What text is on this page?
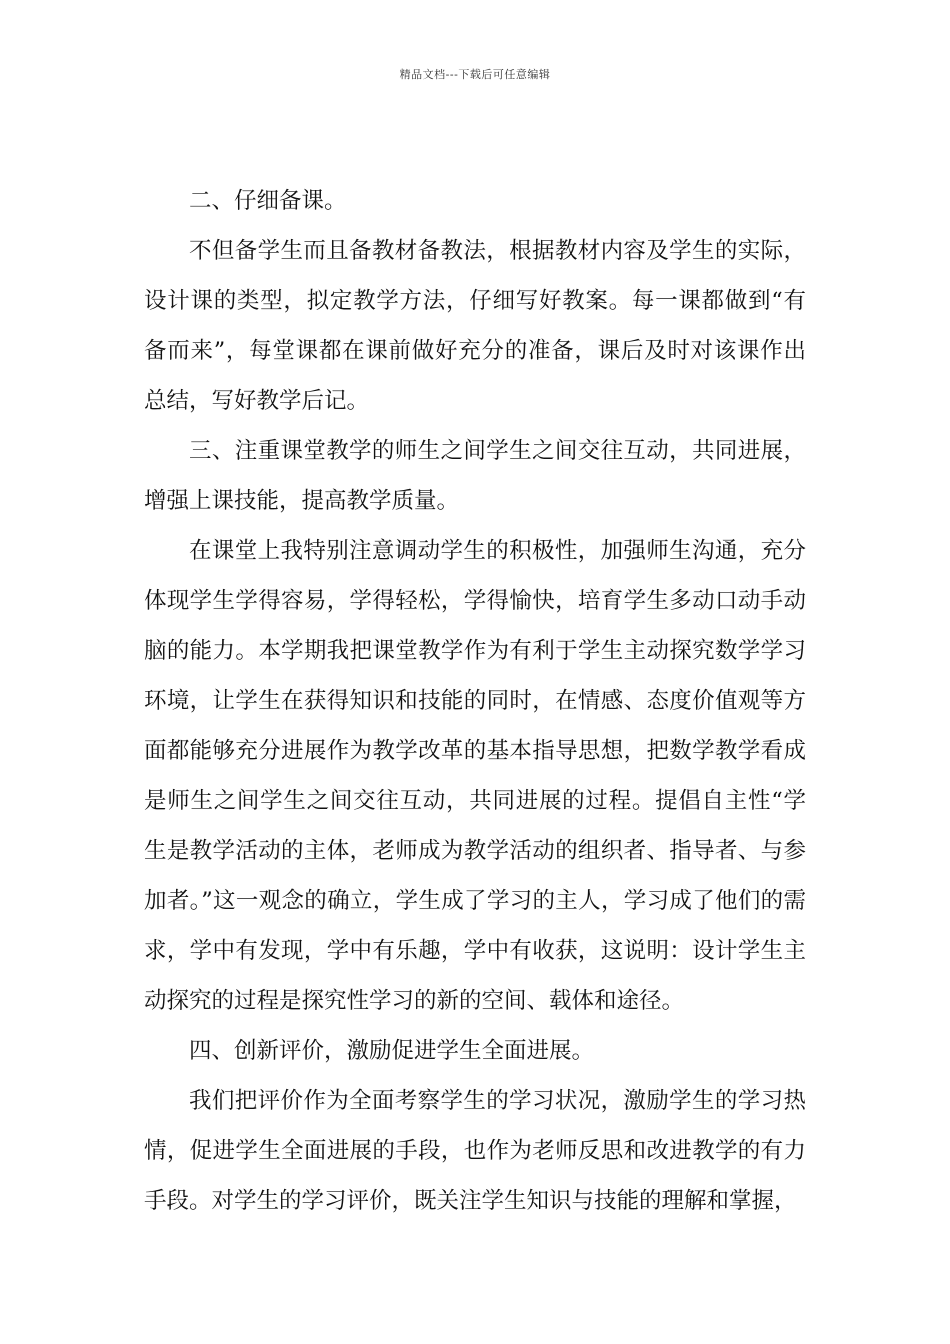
精品文档---下载后可任意编辑

二、仔细备课。

不但备学生而且备教材备教法，根据教材内容及学生的实际，设计课的类型，拟定教学方法，仔细写好教案。每一课都做到“有备而来”，每堂课都在课前做好充分的准备，课后及时对该课作出总结，写好教学后记。

三、注重课堂教学的师生之间学生之间交往互动，共同进展，增强上课技能，提高教学质量。

在课堂上我特别注意调动学生的积极性，加强师生沟通，充分体现学生学得容易，学得轻松，学得愉快，培育学生多动口动手动脑的能力。本学期我把课堂教学作为有利于学生主动探究数学学习环境，让学生在获得知识和技能的同时，在情感、态度价值观等方面都能够充分进展作为教学改革的基本指导思想，把数学教学看成是师生之间学生之间交往互动，共同进展的过程。提倡自主性“学生是教学活动的主体，老师成为教学活动的组织者、指导者、与参加者。”这一观念的确立，学生成了学习的主人，学习成了他们的需求，学中有发现，学中有乐趣，学中有收获，这说明：设计学生主动探究的过程是探究性学习的新的空间、载体和途径。

四、创新评价，激励促进学生全面进展。

我们把评价作为全面考察学生的学习状况，激励学生的学习热情，促进学生全面进展的手段，也作为老师反思和改进教学的有力手段。对学生的学习评价，既关注学生知识与技能的理解和掌握，
